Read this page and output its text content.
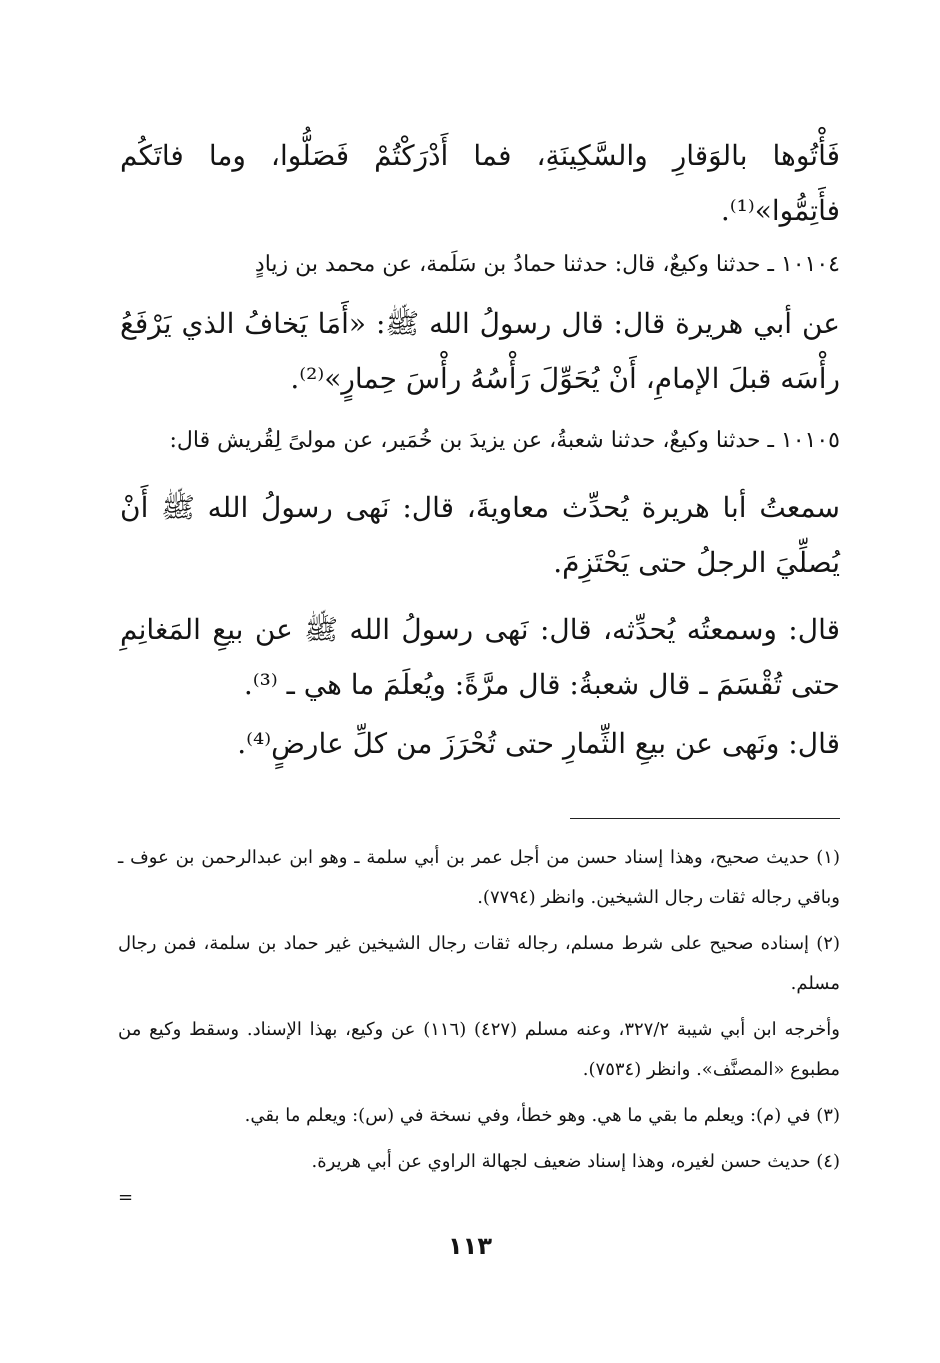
فَأْتُوها بالوَقارِ والسَّكِينَةِ، فما أَدْرَكْتُمْ فَصَلُّوا، وما فاتَكُم فأَتِمُّوا»⁽¹⁾.

١٠١٠٤ ـ حدثنا وكيعٌ، قال: حدثنا حمادُ بن سَلَمة، عن محمد بن زيادٍ

عن أبي هريرة قال: قال رسولُ الله ﷺ: «أَمَا يَخافُ الذي يَرْفَعُ رأْسَه قبلَ الإمامِ، أَنْ يُحَوِّلَ رَأْسُهُ رأْسَ حِمارٍ»⁽²⁾.

١٠١٠٥ ـ حدثنا وكيعٌ، حدثنا شعبةُ، عن يزيدَ بن خُمَير، عن مولىً لِقُريش قال:

سمعتُ أبا هريرة يُحدِّث معاويةَ، قال: نَهى رسولُ الله ﷺ أَنْ يُصلِّيَ الرجلُ حتى يَحْتَزِمَ.

قال: وسمعتُه يُحدِّثه، قال: نَهى رسولُ الله ﷺ عن بيعِ المَغانِمِ حتى تُقْسَمَ ـ قال شعبةُ: قال مرَّةً: ويُعلَمَ ما هي ـ ⁽³⁾.

قال: ونَهى عن بيعِ الثِّمارِ حتى تُحْرَزَ من كلِّ عارضٍ⁽⁴⁾.

(١) حديث صحيح، وهذا إسناد حسن من أجل عمر بن أبي سلمة ـ وهو ابن عبدالرحمن بن عوف ـ وباقي رجاله ثقات رجال الشيخين. وانظر (٧٧٩٤).

(٢) إسناده صحيح على شرط مسلم، رجاله ثقات رجال الشيخين غير حماد بن سلمة، فمن رجال مسلم.

وأخرجه ابن أبي شيبة ٣٢٧/٢، وعنه مسلم (٤٢٧) (١١٦) عن وكيع، بهذا الإسناد. وسقط وكيع من مطبوع «المصنَّف». وانظر (٧٥٣٤).

(٣) في (م): ويعلم ما بقي ما هي. وهو خطأ، وفي نسخة في (س): ويعلم ما بقي.

(٤) حديث حسن لغيره، وهذا إسناد ضعيف لجهالة الراوي عن أبي هريرة.

=
١١٣
